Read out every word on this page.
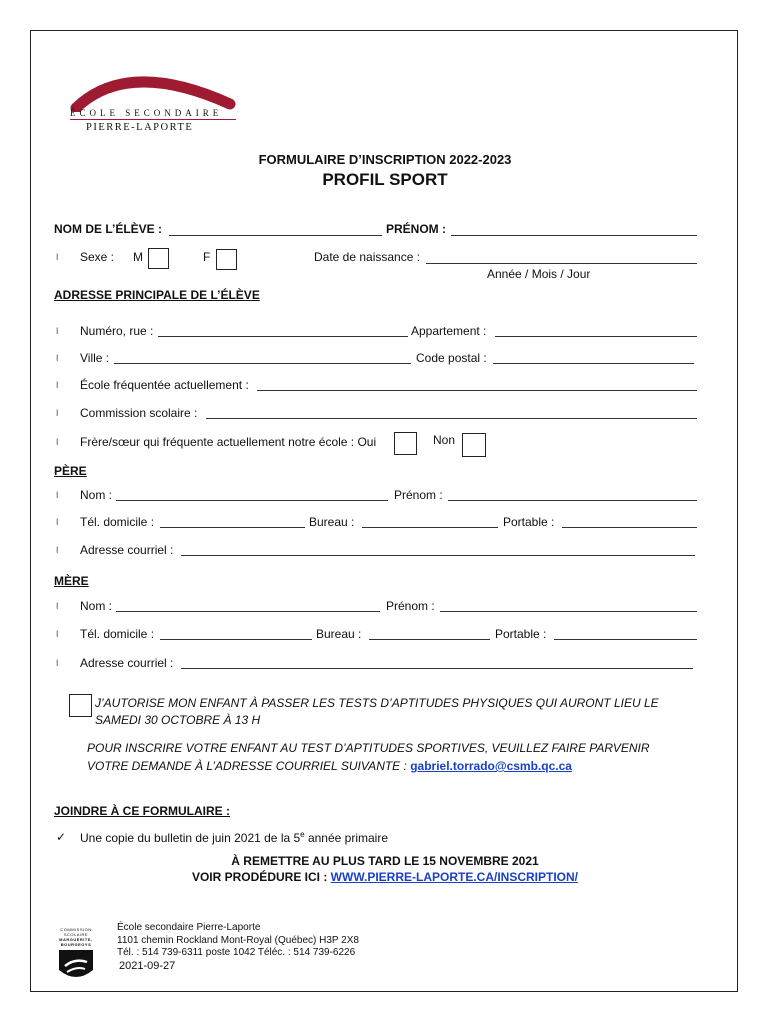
ÉCOLE SECONDAIRE
PIERRE-LAPORTE
FORMULAIRE D’INSCRIPTION 2022-2023
PROFIL SPORT
NOM DE L’ÉLÈVE :	PRÉNOM :
ǀ Sexe : M	F	Date de naissance :
Année / Mois / Jour
ADRESSE PRINCIPALE DE L’ÉLÈVE
ǀ Numéro, rue :	Appartement :
ǀ Ville :	Code postal :
ǀ École fréquentée actuellement :
ǀ Commission scolaire :
ǀ Frère/sœur qui fréquente actuellement notre école : Oui	Non
PÈRE
ǀ Nom :	Prénom :
ǀ Tél. domicile :	Bureau :	Portable :
ǀ Adresse courriel :
MÈRE
ǀ Nom :	Prénom :
ǀ Tél. domicile :	Bureau :	Portable :
ǀ Adresse courriel :
J’AUTORISE MON ENFANT À PASSER LES TESTS D’APTITUDES PHYSIQUES QUI AURONT LIEU LE
SAMEDI 30 OCTOBRE À 13 H
POUR INSCRIRE VOTRE ENFANT AU TEST D’APTITUDES SPORTIVES, VEUILLEZ FAIRE PARVENIR
VOTRE DEMANDE À L’ADRESSE COURRIEL SUIVANTE : gabriel.torrado@csmb.qc.ca
JOINDRE À CE FORMULAIRE :
✓ Une copie du bulletin de juin 2021 de la 5e année primaire
À REMETTRE AU PLUS TARD LE 15 NOVEMBRE 2021
VOIR PRODÉDURE ICI : WWW.PIERRE-LAPORTE.CA/INSCRIPTION/
COMMISSION
SCOLAIRE
MARGUERITE-
BOURGEOYS
École secondaire Pierre-Laporte
1101 chemin Rockland Mont-Royal (Québec) H3P 2X8
Tél. : 514 739-6311 poste 1042 Téléc. : 514 739-6226
2021-09-27
